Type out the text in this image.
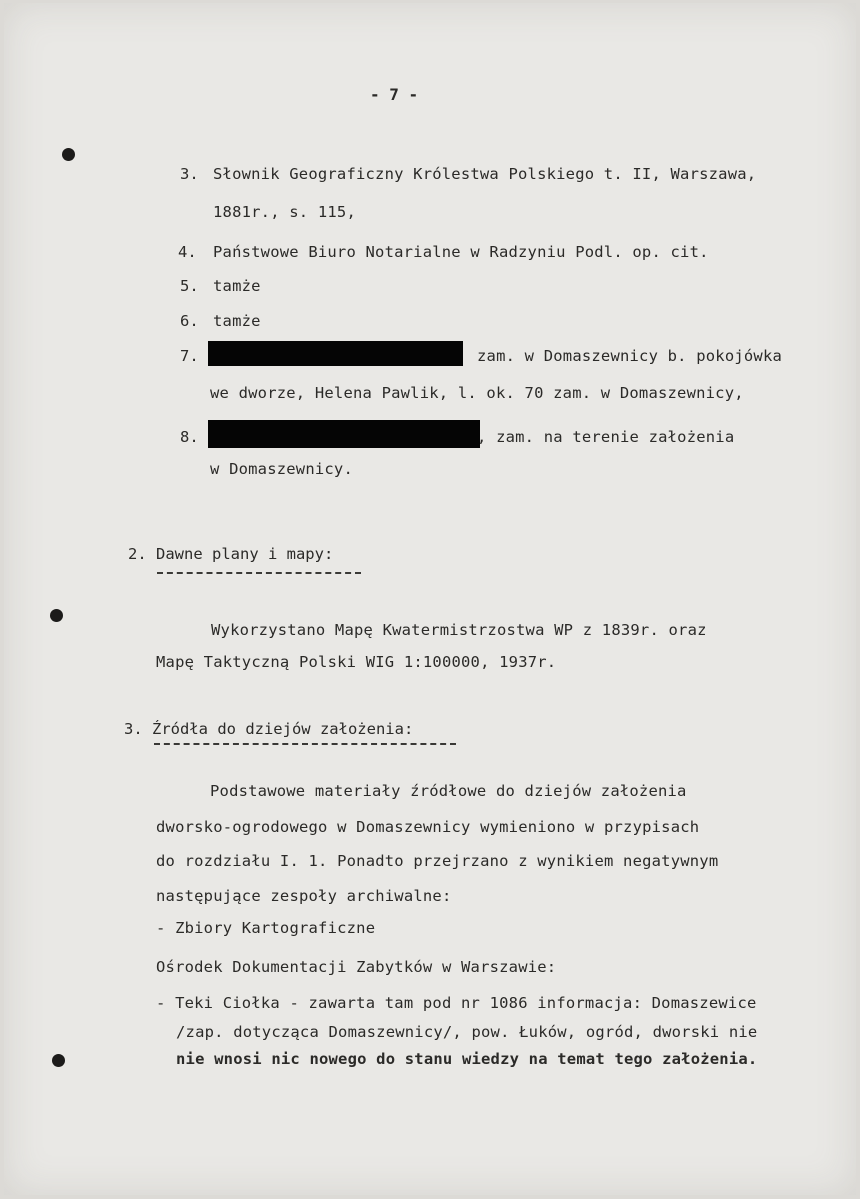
- 7 -
3. Słownik Geograficzny Królestwa Polskiego t. II, Warszawa,
1881r., s. 115,
4. Państwowe Biuro Notarialne w Radzyniu Podl. op. cit.
5. tamże
6. tamże
7.	zam. w Domaszewnicy b. pokojówka
we dworze, Helena Pawlik, l. ok. 70 zam. w Domaszewnicy,
8.	, zam. na terenie założenia
w Domaszewnicy.
2. Dawne plany i mapy:
Wykorzystano Mapę Kwatermistrzostwa WP z 1839r. oraz
Mapę Taktyczną Polski WIG 1:100000, 1937r.
3. Źródła do dziejów założenia:
Podstawowe materiały źródłowe do dziejów założenia
dworsko-ogrodowego w Domaszewnicy wymieniono w przypisach
do rozdziału I. 1. Ponadto przejrzano z wynikiem negatywnym
następujące zespoły archiwalne:
- Zbiory Kartograficzne
Ośrodek Dokumentacji Zabytków w Warszawie:
- Teki Ciołka - zawarta tam pod nr 1086 informacja: Domaszewice
/zap. dotycząca Domaszewnicy/, pow. Łuków, ogród, dworski nie
nie wnosi nic nowego do stanu wiedzy na temat tego założenia.
